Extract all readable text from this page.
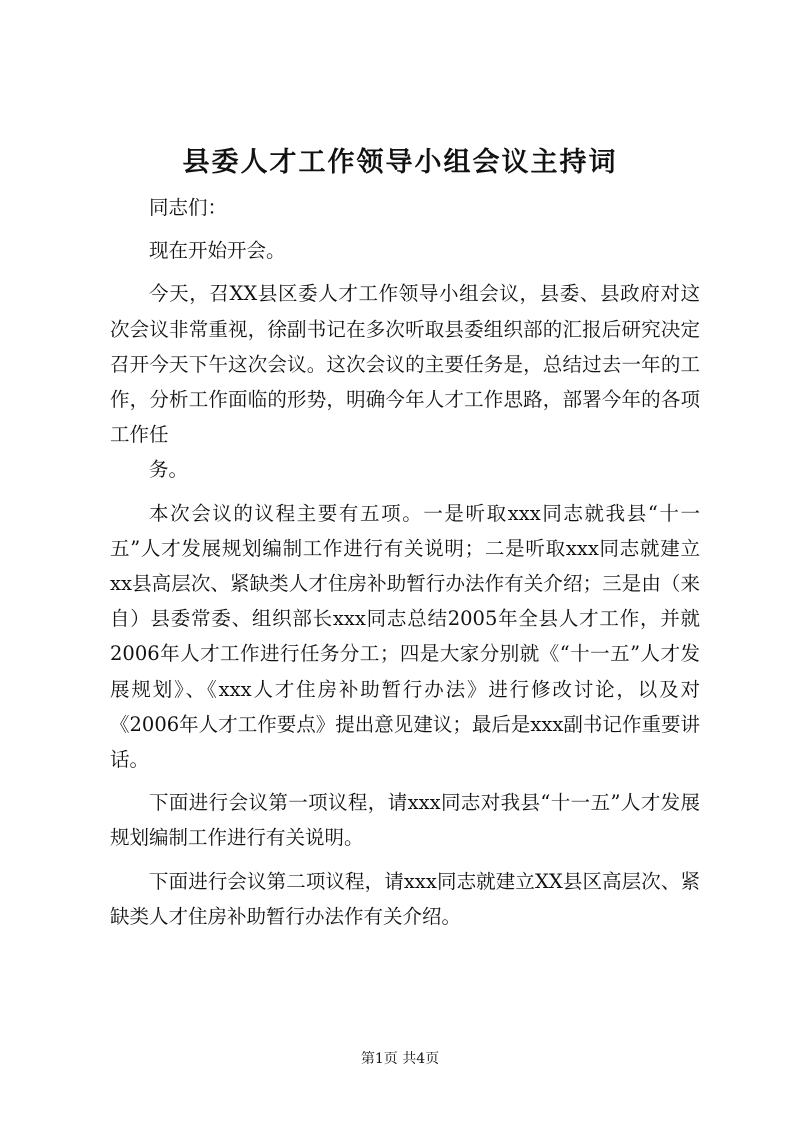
县委人才工作领导小组会议主持词

同志们：

现在开始开会。

今天，召XX县区委人才工作领导小组会议，县委、县政府对这次会议非常重视，徐副书记在多次听取县委组织部的汇报后研究决定召开今天下午这次会议。这次会议的主要任务是，总结过去一年的工作，分析工作面临的形势，明确今年人才工作思路，部署今年的各项工作任

务。

本次会议的议程主要有五项。一是听取xxx同志就我县“十一五”人才发展规划编制工作进行有关说明；二是听取xxx同志就建立xx县高层次、紧缺类人才住房补助暂行办法作有关介绍；三是由（来自）县委常委、组织部长xxx同志总结2005年全县人才工作，并就2006年人才工作进行任务分工；四是大家分别就《“十一五”人才发展规划》、《xxx人才住房补助暂行办法》进行修改讨论，以及对《2006年人才工作要点》提出意见建议；最后是xxx副书记作重要讲话。

下面进行会议第一项议程，请xxx同志对我县“十一五”人才发展规划编制工作进行有关说明。

下面进行会议第二项议程，请xxx同志就建立XX县区高层次、紧缺类人才住房补助暂行办法作有关介绍。

第1页 共4页
